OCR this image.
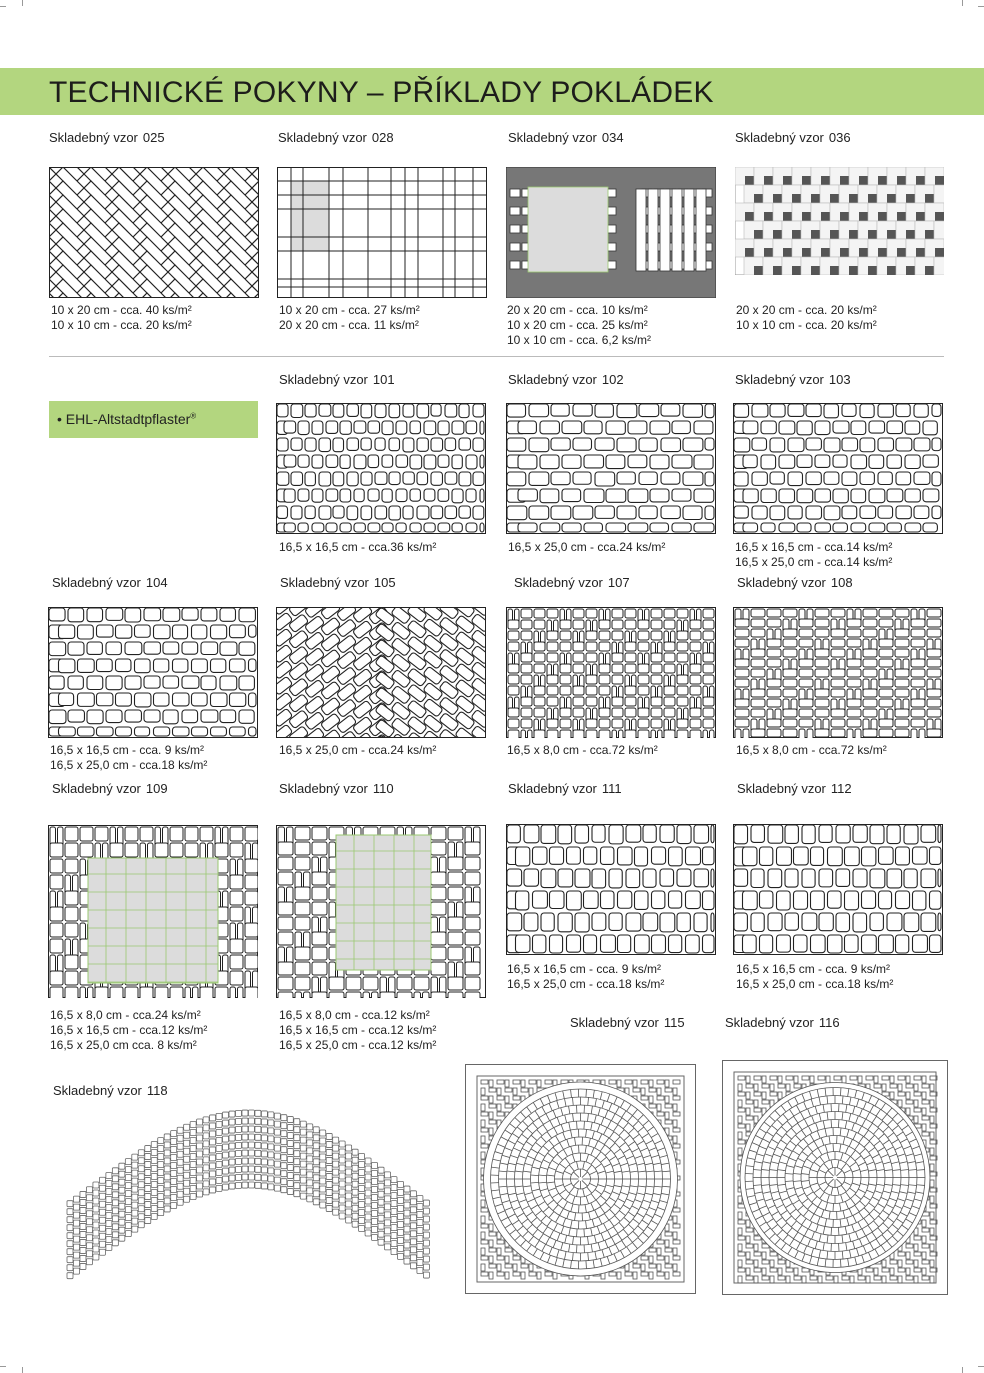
TECHNICKÉ POKYNY – PŘÍKLADY POKLÁDEK
• EHL-Altstadtpflaster®
Skladebný vzor 025
10 x 20 cm - cca. 40 ks/m²
10 x 10 cm - cca. 20 ks/m²
Skladebný vzor 028
10 x 20 cm - cca. 27 ks/m²
20 x 20 cm - cca. 11 ks/m²
Skladebný vzor 034
20 x 20 cm - cca. 10 ks/m²
10 x 20 cm - cca. 25 ks/m²
10 x 10 cm - cca. 6,2 ks/m²
Skladebný vzor 036
20 x 20 cm - cca. 20 ks/m²
10 x 10 cm - cca. 20 ks/m²
Skladebný vzor 101
16,5 x 16,5 cm - cca.36 ks/m²
Skladebný vzor 102
16,5 x 25,0 cm - cca.24 ks/m²
Skladebný vzor 103
16,5 x 16,5 cm - cca.14 ks/m²
16,5 x 25,0 cm - cca.14 ks/m²
Skladebný vzor 104
16,5 x 16,5 cm - cca. 9 ks/m²
16,5 x 25,0 cm - cca.18 ks/m²
Skladebný vzor 105
16,5 x 25,0 cm - cca.24 ks/m²
Skladebný vzor 107
16,5 x 8,0 cm - cca.72 ks/m²
Skladebný vzor 108
16,5 x 8,0 cm - cca.72 ks/m²
Skladebný vzor 109
16,5 x 8,0 cm - cca.24 ks/m²
16,5 x 16,5 cm - cca.12 ks/m²
16,5 x 25,0 cm cca. 8 ks/m²
Skladebný vzor 110
16,5 x 8,0 cm - cca.12 ks/m²
16,5 x 16,5 cm - cca.12 ks/m²
16,5 x 25,0 cm - cca.12 ks/m²
Skladebný vzor 111
16,5 x 16,5 cm - cca. 9 ks/m²
16,5 x 25,0 cm - cca.18 ks/m²
Skladebný vzor 112
16,5 x 16,5 cm - cca. 9 ks/m²
16,5 x 25,0 cm - cca.18 ks/m²
Skladebný vzor 115	Skladebný vzor 116
Skladebný vzor 118
